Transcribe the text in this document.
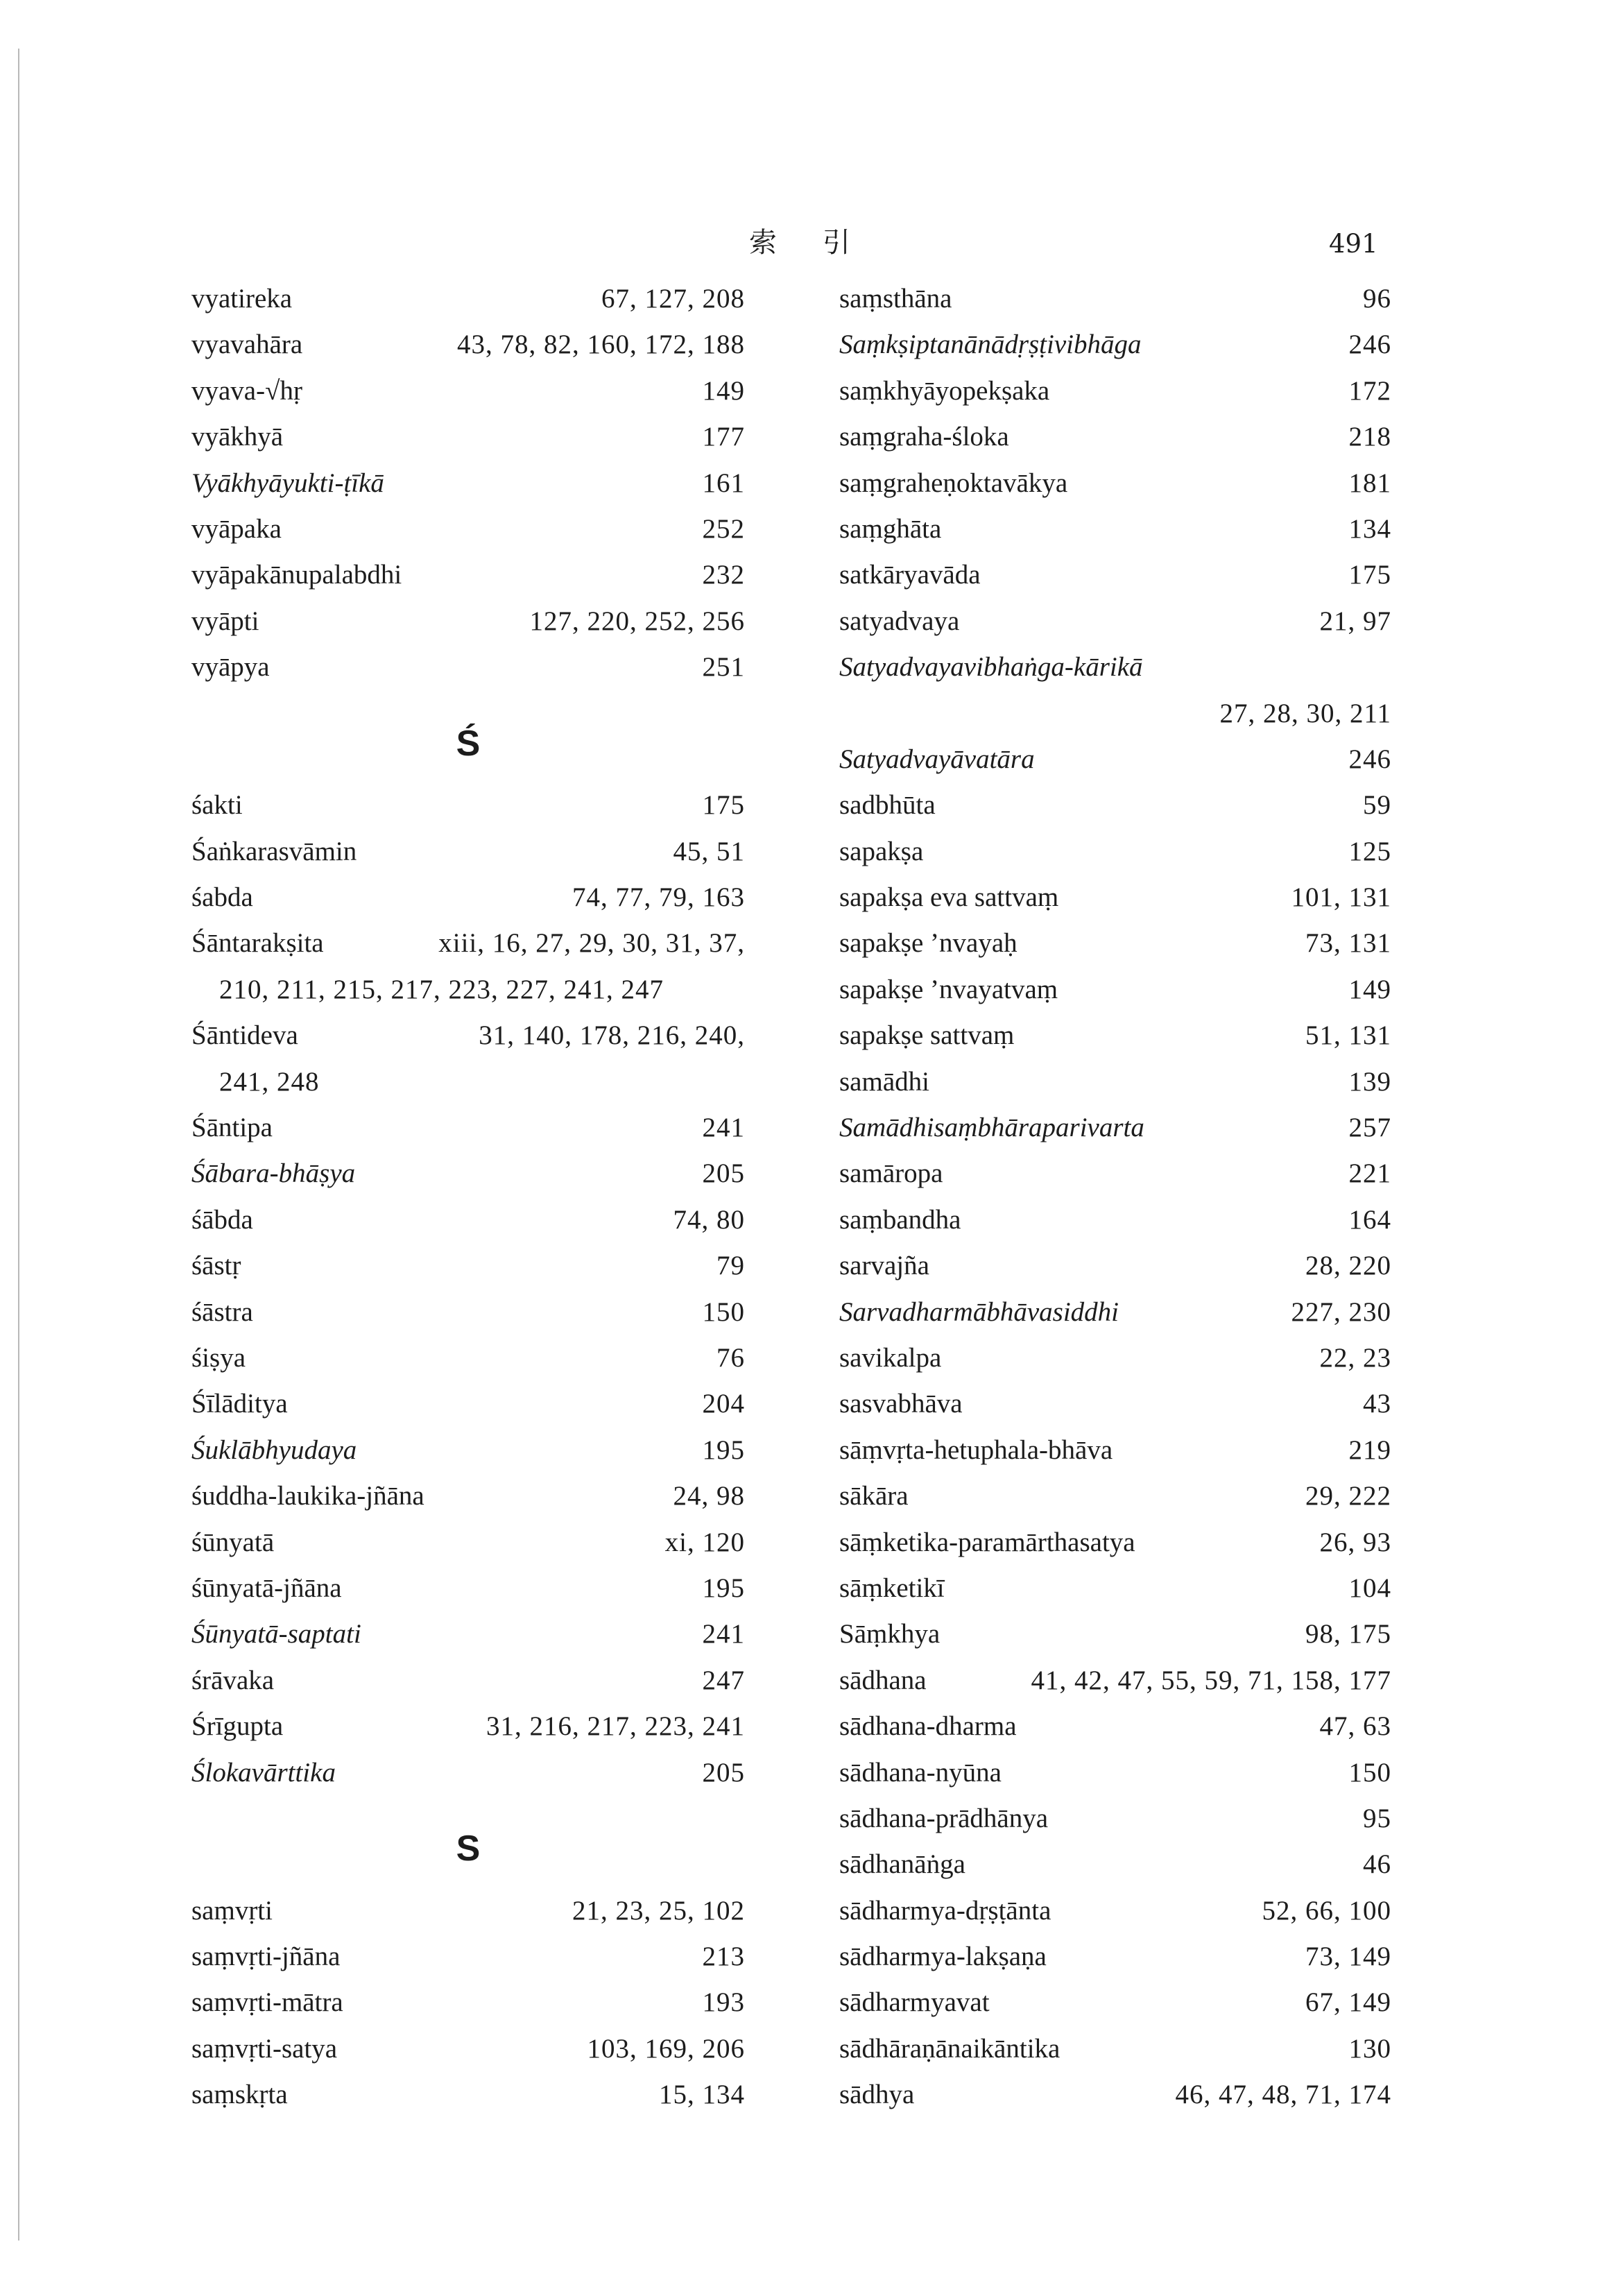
索引	491
vyatireka	67, 127, 208
vyavahāra	43, 78, 82, 160, 172, 188
vyava-√hṛ	149
vyākhyā	177
Vyākhyāyukti-ṭīkā	161
vyāpaka	252
vyāpakānupalabdhi	232
vyāpti	127, 220, 252, 256
vyāpya	251
Ś
śakti	175
Śaṅkarasvāmin	45, 51
śabda	74, 77, 79, 163
Śāntarakṣita	xiii, 16, 27, 29, 30, 31, 37,
210, 211, 215, 217, 223, 227, 241, 247
Śāntideva	31, 140, 178, 216, 240,
241, 248
Śāntipa	241
Śābara-bhāṣya	205
śābda	74, 80
śāstṛ	79
śāstra	150
śiṣya	76
Śīlāditya	204
Śuklābhyudaya	195
śuddha-laukika-jñāna	24, 98
śūnyatā	xi, 120
śūnyatā-jñāna	195
Śūnyatā-saptati	241
śrāvaka	247
Śrīgupta	31, 216, 217, 223, 241
Ślokavārttika	205
S
saṃvṛti	21, 23, 25, 102
saṃvṛti-jñāna	213
saṃvṛti-mātra	193
saṃvṛti-satya	103, 169, 206
saṃskṛta	15, 134
saṃsthāna	96
Saṃkṣiptanānādṛṣṭivibhāga	246
saṃkhyāyopekṣaka	172
saṃgraha-śloka	218
saṃgraheṇoktavākya	181
saṃghāta	134
satkāryavāda	175
satyadvaya	21, 97
Satyadvayavibhaṅga-kārikā
27, 28, 30, 211
Satyadvayāvatāra	246
sadbhūta	59
sapakṣa	125
sapakṣa eva sattvaṃ	101, 131
sapakṣe ’nvayaḥ	73, 131
sapakṣe ’nvayatvaṃ	149
sapakṣe sattvaṃ	51, 131
samādhi	139
Samādhisaṃbhāraparivarta	257
samāropa	221
saṃbandha	164
sarvajña	28, 220
Sarvadharmābhāvasiddhi	227, 230
savikalpa	22, 23
sasvabhāva	43
sāṃvṛta-hetuphala-bhāva	219
sākāra	29, 222
sāṃketika-paramārthasatya	26, 93
sāṃketikī	104
Sāṃkhya	98, 175
sādhana	41, 42, 47, 55, 59, 71, 158, 177
sādhana-dharma	47, 63
sādhana-nyūna	150
sādhana-prādhānya	95
sādhanāṅga	46
sādharmya-dṛṣṭānta	52, 66, 100
sādharmya-lakṣaṇa	73, 149
sādharmyavat	67, 149
sādhāraṇānaikāntika	130
sādhya	46, 47, 48, 71, 174
